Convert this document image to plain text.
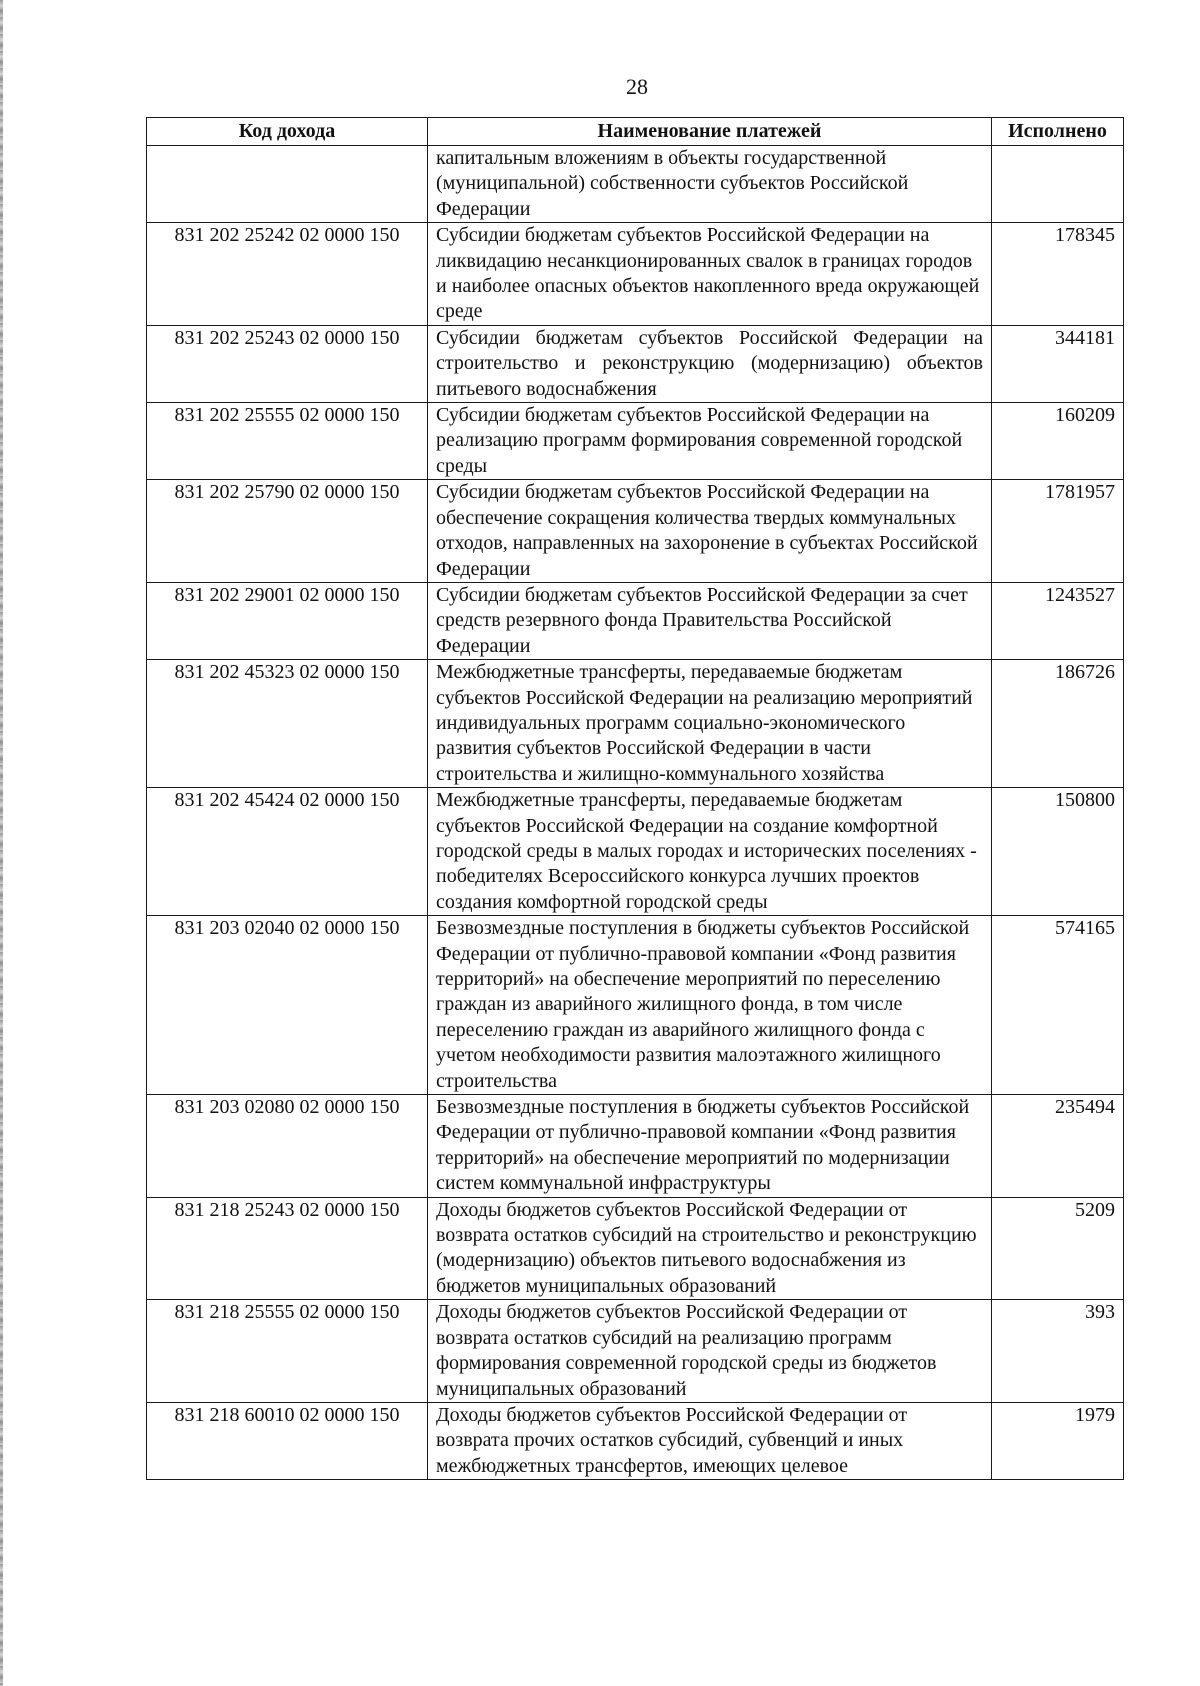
28
Код дохода	Наименование платежей	Исполнено
	капитальным вложениям в объекты государственной (муниципальной) собственности субъектов Российской Федерации	
831 202 25242 02 0000 150	Субсидии бюджетам субъектов Российской Федерации на ликвидацию несанкционированных свалок в границах городов и наиболее опасных объектов накопленного вреда окружающей среде	178345
831 202 25243 02 0000 150	Субсидии бюджетам субъектов Российской Федерации на строительство и реконструкцию (модернизацию) объектов питьевого водоснабжения	344181
831 202 25555 02 0000 150	Субсидии бюджетам субъектов Российской Федерации на реализацию программ формирования современной городской среды	160209
831 202 25790 02 0000 150	Субсидии бюджетам субъектов Российской Федерации на обеспечение сокращения количества твердых коммунальных отходов, направленных на захоронение в субъектах Российской Федерации	1781957
831 202 29001 02 0000 150	Субсидии бюджетам субъектов Российской Федерации за счет средств резервного фонда Правительства Российской Федерации	1243527
831 202 45323 02 0000 150	Межбюджетные трансферты, передаваемые бюджетам субъектов Российской Федерации на реализацию мероприятий индивидуальных программ социально-экономического развития субъектов Российской Федерации в части строительства и жилищно-коммунального хозяйства	186726
831 202 45424 02 0000 150	Межбюджетные трансферты, передаваемые бюджетам субъектов Российской Федерации на создание комфортной городской среды в малых городах и исторических поселениях - победителях Всероссийского конкурса лучших проектов создания комфортной городской среды	150800
831 203 02040 02 0000 150	Безвозмездные поступления в бюджеты субъектов Российской Федерации от публично-правовой компании «Фонд развития территорий» на обеспечение мероприятий по переселению граждан из аварийного жилищного фонда, в том числе переселению граждан из аварийного жилищного фонда с учетом необходимости развития малоэтажного жилищного строительства	574165
831 203 02080 02 0000 150	Безвозмездные поступления в бюджеты субъектов Российской Федерации от публично-правовой компании «Фонд развития территорий» на обеспечение мероприятий по модернизации систем коммунальной инфраструктуры	235494
831 218 25243 02 0000 150	Доходы бюджетов субъектов Российской Федерации от возврата остатков субсидий на строительство и реконструкцию (модернизацию) объектов питьевого водоснабжения из бюджетов муниципальных образований	5209
831 218 25555 02 0000 150	Доходы бюджетов субъектов Российской Федерации от возврата остатков субсидий на реализацию программ формирования современной городской среды из бюджетов муниципальных образований	393
831 218 60010 02 0000 150	Доходы бюджетов субъектов Российской Федерации от возврата прочих остатков субсидий, субвенций и иных межбюджетных трансфертов, имеющих целевое	1979
